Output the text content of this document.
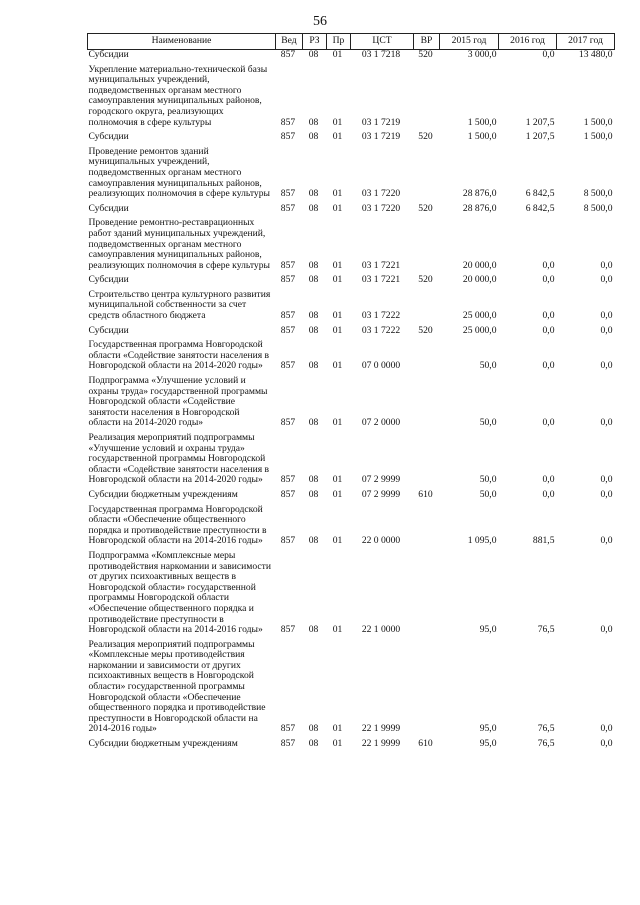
56
Наименование	Вед	РЗ	Пр	ЦСТ	ВР	2015 год	2016 год	2017 год
Субсидии	857	08	01	03 1 7218	520	3 000,0	0,0	13 480,0
Укрепление материально-технической базы муниципальных учреждений, подведомственных органам местного самоуправления муниципальных районов, городского округа, реализующих полномочия в сфере культуры	857	08	01	03 1 7219		1 500,0	1 207,5	1 500,0
Субсидии	857	08	01	03 1 7219	520	1 500,0	1 207,5	1 500,0
Проведение ремонтов зданий муниципальных учреждений, подведомственных органам местного самоуправления муниципальных районов, реализующих полномочия в сфере культуры	857	08	01	03 1 7220		28 876,0	6 842,5	8 500,0
Субсидии	857	08	01	03 1 7220	520	28 876,0	6 842,5	8 500,0
Проведение ремонтно-реставрационных работ зданий муниципальных учреждений, подведомственных органам местного самоуправления муниципальных районов, реализующих полномочия в сфере культуры	857	08	01	03 1 7221		20 000,0	0,0	0,0
Субсидии	857	08	01	03 1 7221	520	20 000,0	0,0	0,0
Строительство центра культурного развития муниципальной собственности за счет средств областного бюджета	857	08	01	03 1 7222		25 000,0	0,0	0,0
Субсидии	857	08	01	03 1 7222	520	25 000,0	0,0	0,0
Государственная программа Новгородской области «Содействие занятости населения в Новгородской области на 2014-2020 годы»	857	08	01	07 0 0000		50,0	0,0	0,0
Подпрограмма «Улучшение условий и охраны труда» государственной программы Новгородской области «Содействие занятости населения в Новгородской области на 2014-2020 годы»	857	08	01	07 2 0000		50,0	0,0	0,0
Реализация мероприятий подпрограммы «Улучшение условий и охраны труда» государственной программы Новгородской области «Содействие занятости населения в Новгородской области на 2014-2020 годы»	857	08	01	07 2 9999		50,0	0,0	0,0
Субсидии бюджетным учреждениям	857	08	01	07 2 9999	610	50,0	0,0	0,0
Государственная программа Новгородской области «Обеспечение общественного порядка и противодействие преступности в Новгородской области на 2014-2016 годы»	857	08	01	22 0 0000		1 095,0	881,5	0,0
Подпрограмма «Комплексные меры противодействия наркомании и зависимости от других психоактивных веществ в Новгородской области» государственной программы Новгородской области «Обеспечение общественного порядка и противодействие преступности в Новгородской области на 2014-2016 годы»	857	08	01	22 1 0000		95,0	76,5	0,0
Реализация мероприятий подпрограммы «Комплексные меры противодействия наркомании и зависимости от других психоактивных веществ в Новгородской области» государственной программы Новгородской области «Обеспечение общественного порядка и противодействие преступности в Новгородской области на 2014-2016 годы»	857	08	01	22 1 9999		95,0	76,5	0,0
Субсидии бюджетным учреждениям	857	08	01	22 1 9999	610	95,0	76,5	0,0
